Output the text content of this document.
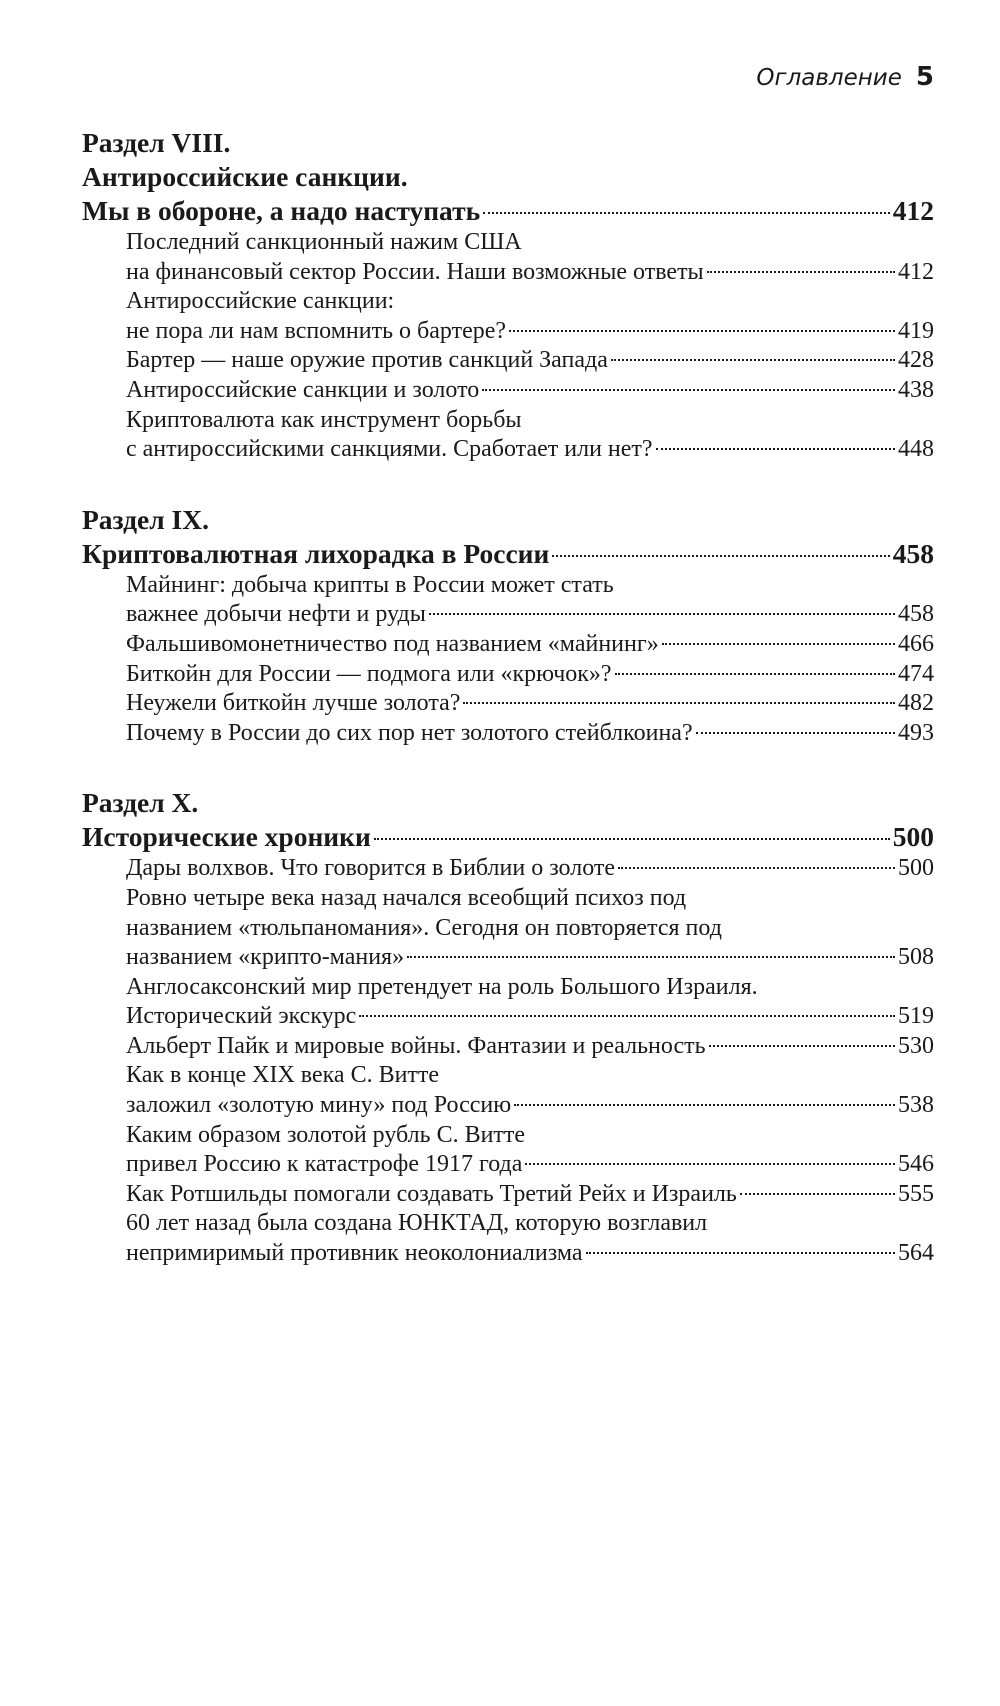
Оглавление 5
Раздел VIII.
Антироссийские санкции.
Мы в обороне, а надо наступать	412
Последний санкционный нажим США
на финансовый сектор России. Наши возможные ответы	412
Антироссийские санкции:
не пора ли нам вспомнить о бартере?	419
Бартер — наше оружие против санкций Запада	428
Антироссийские санкции и золото	438
Криптовалюта как инструмент борьбы
с антироссийскими санкциями. Сработает или нет?	448
Раздел IX.
Криптовалютная лихорадка в России	458
Майнинг: добыча крипты в России может стать
важнее добычи нефти и руды	458
Фальшивомонетничество под названием «майнинг»	466
Биткойн для России — подмога или «крючок»?	474
Неужели биткойн лучше золота?	482
Почему в России до сих пор нет золотого стейблкоина?	493
Раздел X.
Исторические хроники	500
Дары волхвов. Что говорится в Библии о золоте	500
Ровно четыре века назад начался всеобщий психоз под
названием «тюльпаномания». Сегодня он повторяется под
названием «крипто-мания»	508
Англосаксонский мир претендует на роль Большого Израиля.
Исторический экскурс	519
Альберт Пайк и мировые войны. Фантазии и реальность	530
Как в конце XIX века С. Витте
заложил «золотую мину» под Россию	538
Каким образом золотой рубль С. Витте
привел Россию к катастрофе 1917 года	546
Как Ротшильды помогали создавать Третий Рейх и Израиль	555
60 лет назад была создана ЮНКТАД, которую возглавил
непримиримый противник неоколониализма	564
